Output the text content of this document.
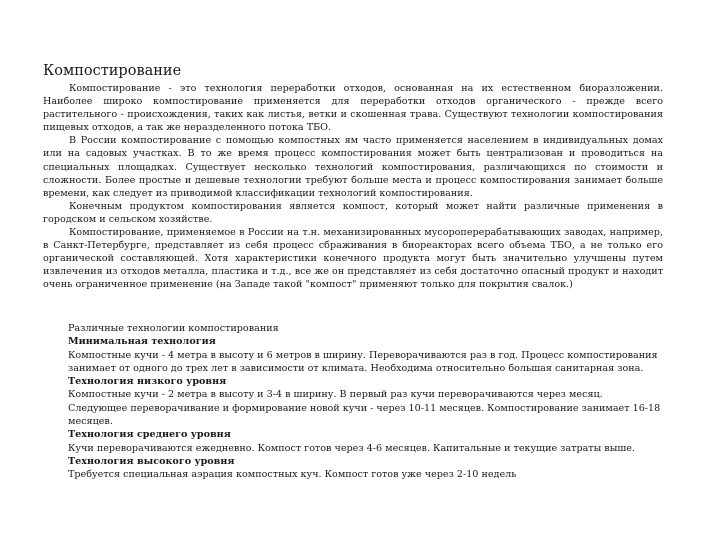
Компостирование

Компостирование - это технология переработки отходов, основанная на их естественном биоразложении. Наиболее широко компостирование применяется для переработки отходов органического - прежде всего растительного - происхождения, таких как листья, ветки и скошенная трава. Существуют технологии компостирования пищевых отходов, а так же неразделенного потока ТБО.

В России компостирование с помощью компостных ям часто применяется населением в индивидуальных домах или на садовых участках. В то же время процесс компостирования может быть централизован и проводиться на специальных площадках. Существует несколько технологий компостирования, различающихся по стоимости и сложности. Более простые и дешевые технологии требуют больше места и процесс компостирования занимает больше времени, как следует из приводимой классификации технологий компостирования.

Конечным продуктом компостирования является компост, который может найти различные применения в городском и сельском хозяйстве.

Компостирование, применяемое в России на т.н. механизированных мусороперерабатывающих заводах, например, в Санкт-Петербурге, представляет из себя процесс сбраживания в биореакторах всего объема ТБО, а не только его органической составляющей. Хотя характеристики конечного продукта могут быть значительно улучшены путем извлечения из отходов металла, пластика и т.д., все же он представляет из себя достаточно опасный продукт и находит очень ограниченное применение (на Западе такой "компост" применяют только для покрытия свалок.)

Различные технологии компостирования

Минимальная технология

Компостные кучи - 4 метра в высоту и 6 метров в ширину. Переворачиваются раз в год. Процесс компостирования занимает от одного до трех лет в зависимости от климата. Необходима относительно большая санитарная зона.

Технология низкого уровня

Компостные кучи - 2 метра в высоту и 3-4 в ширину. В первый раз кучи переворачиваются через месяц. Следующее переворачивание и формирование новой кучи - через 10-11 месяцев. Компостирование занимает 16-18 месяцев.

Технология среднего уровня

Кучи переворачиваются ежедневно. Компост готов через 4-6 месяцев. Капитальные и текущие затраты выше.

Технология высокого уровня

Требуется специальная аэрация компостных куч. Компост готов уже через 2-10 недель
